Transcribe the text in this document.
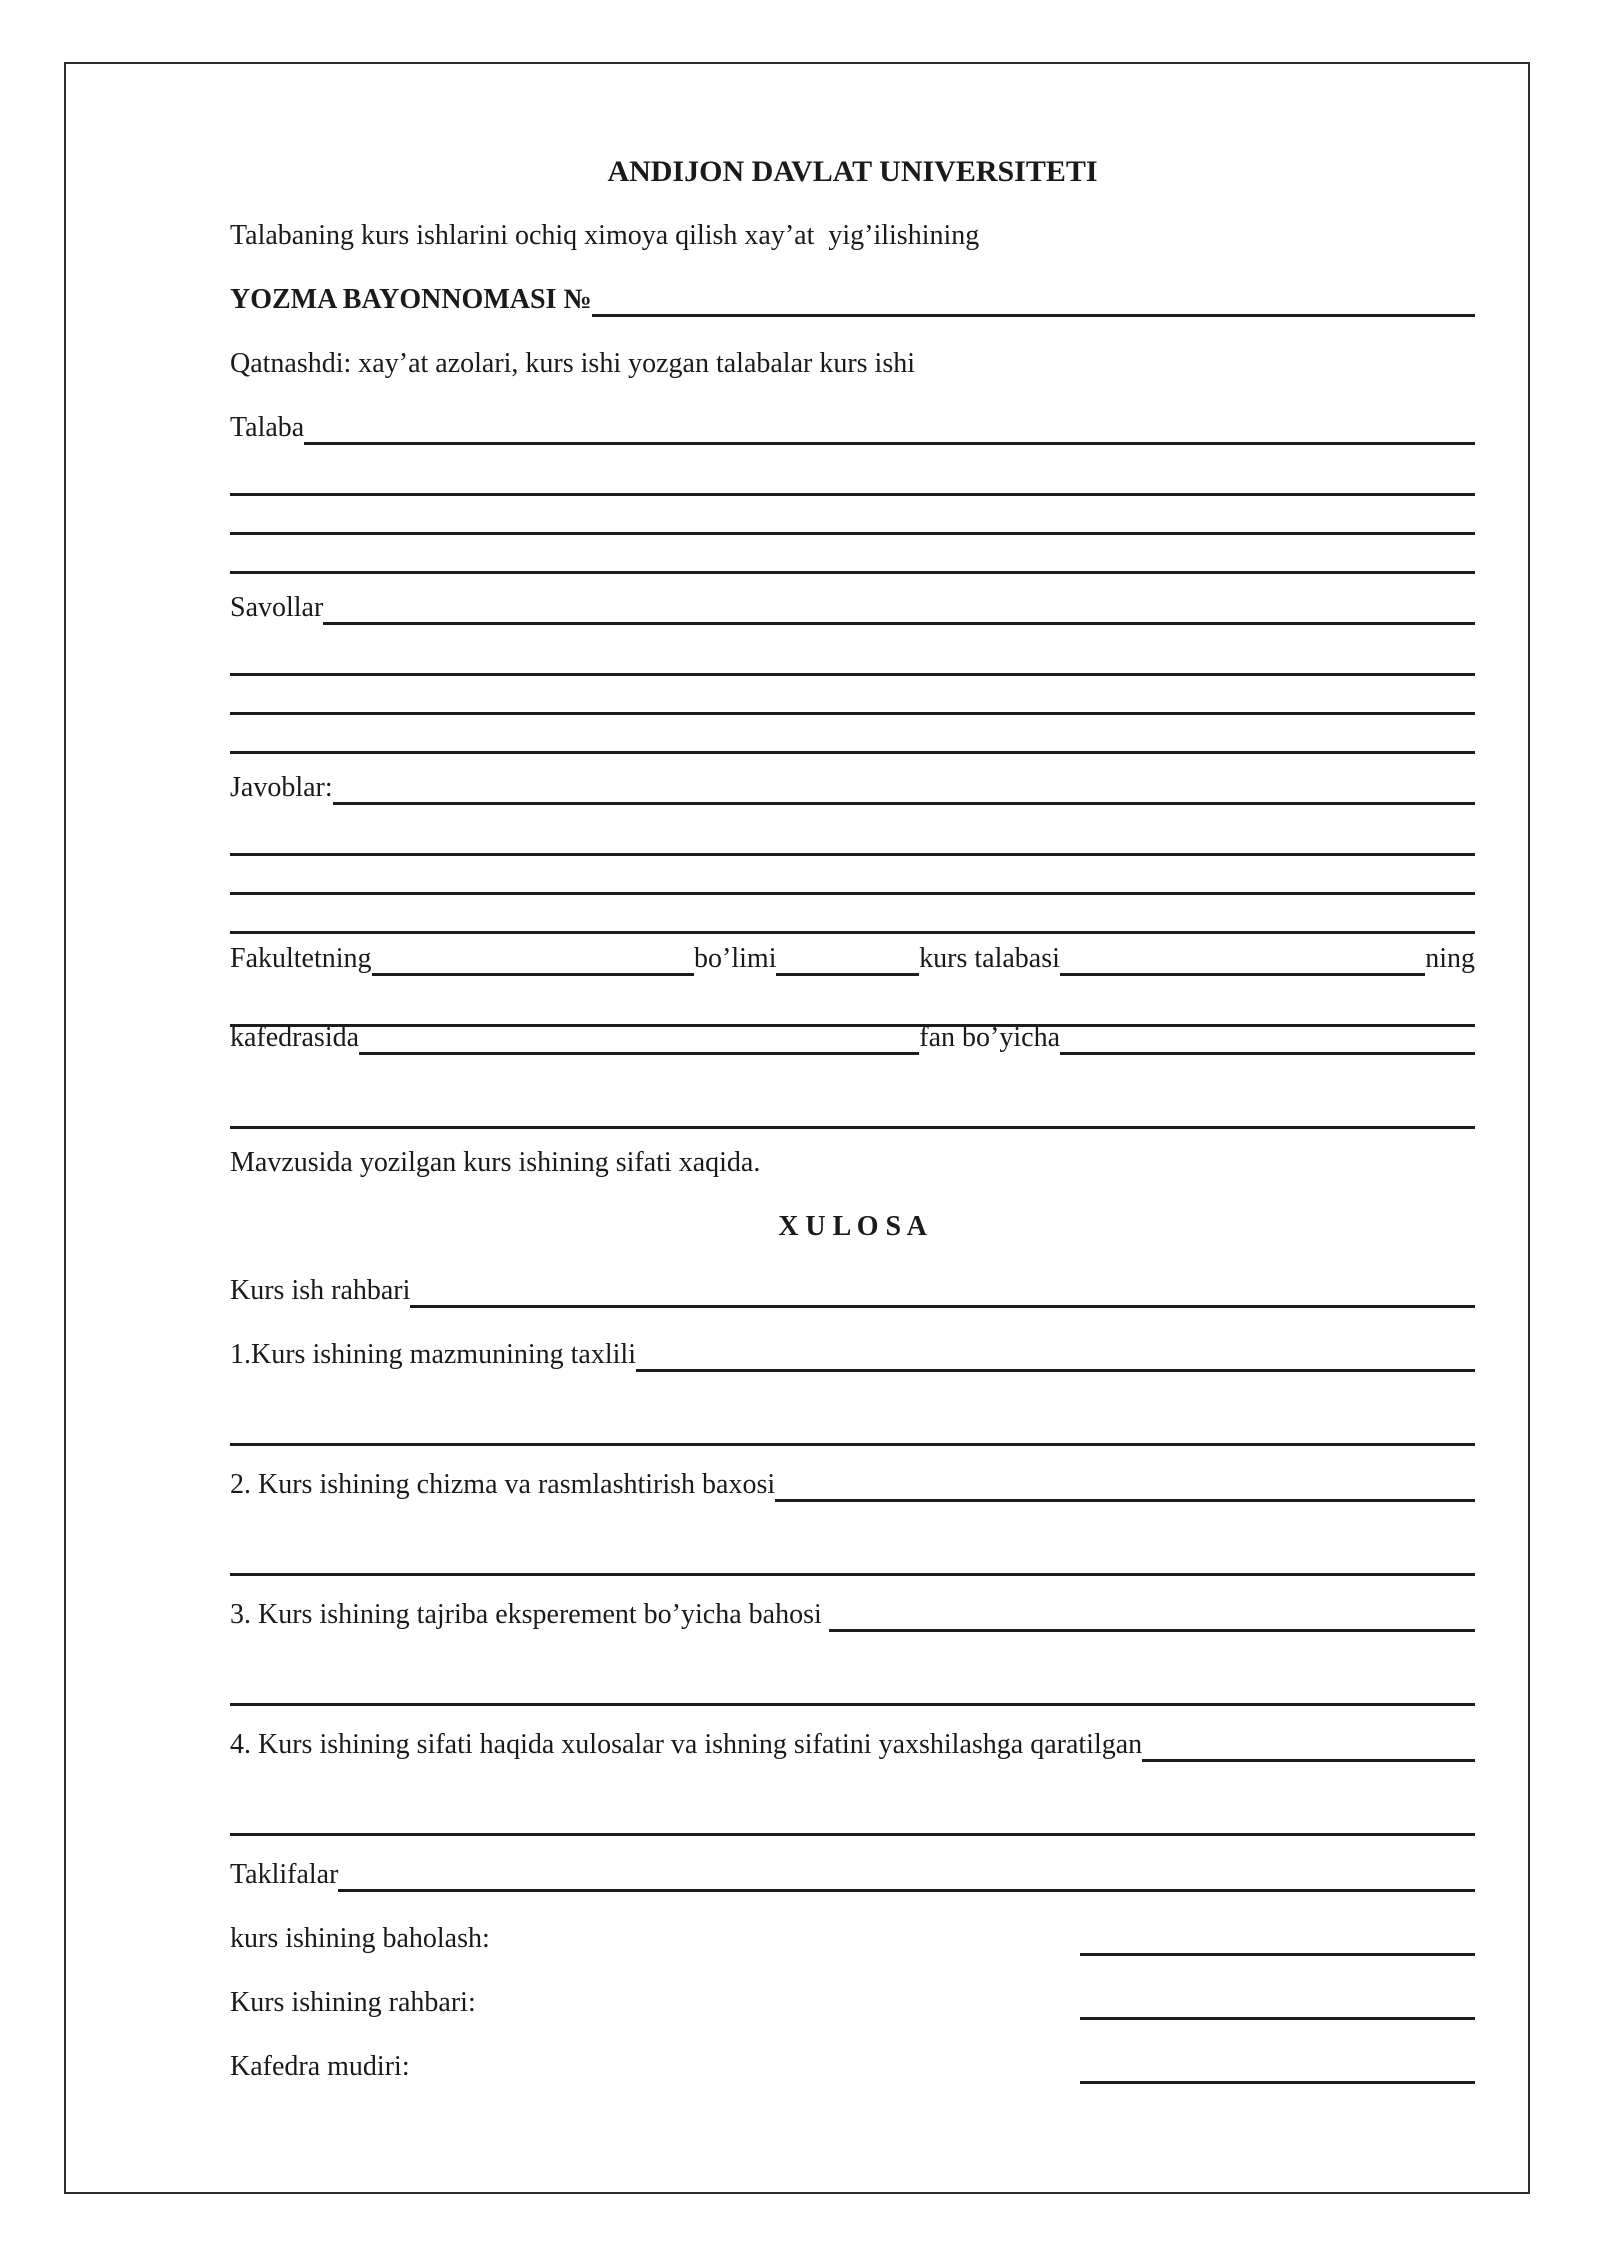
ANDIJON DAVLAT UNIVERSITETI
Talabaning kurs ishlarini ochiq ximoya qilish xay’at  yig’ilishining
YOZMA BAYONNOMASI №
Qatnashdi: xay’at azolari, kurs ishi yozgan talabalar kurs ishi
Talaba
Savollar
Javoblar:
Fakultetning	bo’limi	kurs talabasi	ning
kafedrasida	fan bo’yicha
Mavzusida yozilgan kurs ishining sifati xaqida.
X U L O S A
Kurs ish rahbari
1.Kurs ishining mazmunining taxlili
2. Kurs ishining chizma va rasmlashtirish baxosi
3. Kurs ishining tajriba eksperement bo’yicha bahosi
4. Kurs ishining sifati haqida xulosalar va ishning sifatini yaxshilashga qaratilgan
Taklifalar
kurs ishining baholash:
Kurs ishining rahbari:
Kafedra mudiri:
